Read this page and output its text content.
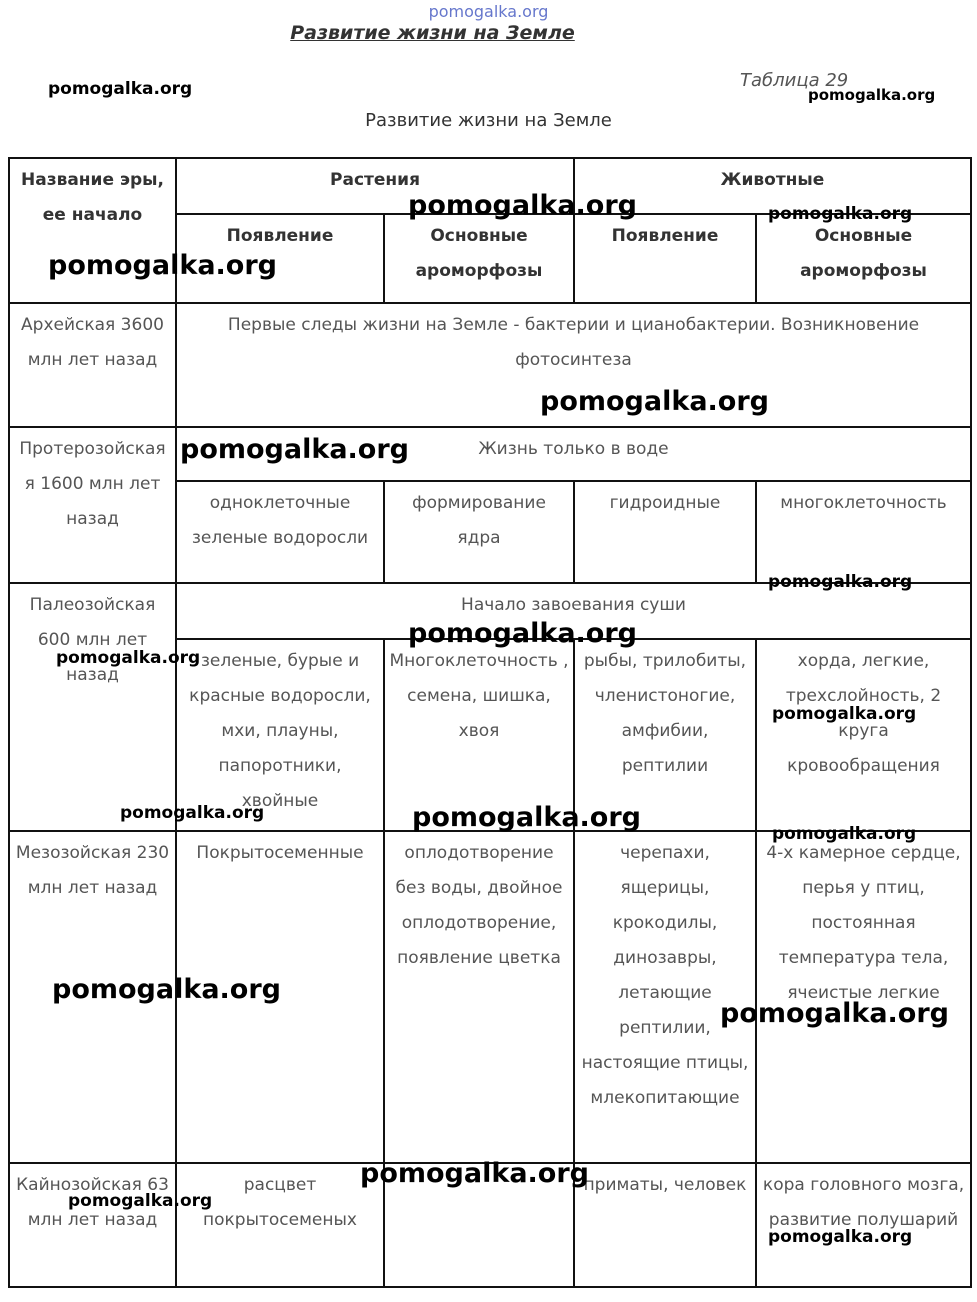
pomogalka.org
Развитие жизни на Земле
Таблица 29
Развитие жизни на Земле
Название эры, ее начало	Растения		Животные	
	Появление	Основные ароморфозы	Появление	Основные ароморфозы
Архейская 3600 млн лет назад	Первые следы жизни на Земле - бактерии и цианобактерии. Возникновение фотосинтеза			
Протерозойская я 1600 млн лет назад	Жизнь только в воде			
	одноклеточные зеленые водоросли	формирование ядра	гидроидные	многоклеточность
Палеозойская 600 млн лет назад	Начало завоевания суши			
	зеленые, бурые и красные водоросли, мхи, плауны, папоротники, хвойные	Многоклеточность , семена, шишка, хвоя	рыбы, трилобиты, членистоногие, амфибии, рептилии	хорда, легкие, трехслойность, 2 круга кровообращения
Мезозойская 230 млн лет назад	Покрытосеменные	оплодотворение без воды, двойное оплодотворение, появление цветка	черепахи, ящерицы, крокодилы, динозавры, летающие рептилии, настоящие птицы, млекопитающие	4-х камерное сердце, перья у птиц, постоянная температура тела, ячеистые легкие
Кайнозойская 63 млн лет назад	расцвет покрытосеменых		приматы, человек	кора головного мозга, развитие полушарий
pomogalka.org	pomogalka.org
pomogalka.org	pomogalka.org
pomogalka.org
pomogalka.org
pomogalka.org
pomogalka.org
pomogalka.org
pomogalka.org
pomogalka.org
pomogalka.org	pomogalka.org
pomogalka.org
pomogalka.org
pomogalka.org
pomogalka.org
pomogalka.org
pomogalka.org
